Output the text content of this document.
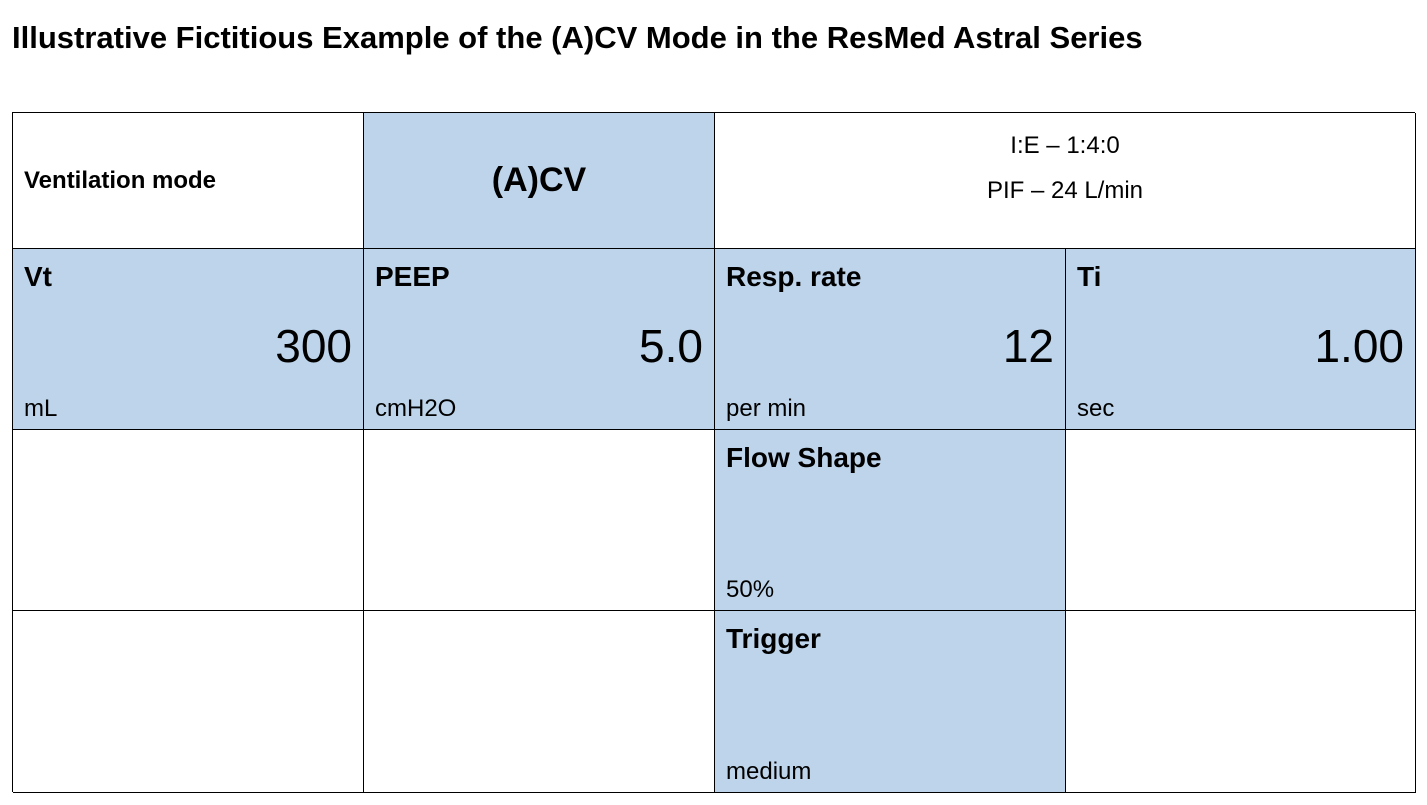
Illustrative Fictitious Example of the (A)CV Mode in the ResMed Astral Series
Ventilation mode	(A)CV
I:E – 1:4:0
PIF – 24 L/min
Vt
300
mL
PEEP
5.0
cmH2O
Resp. rate
12
per min
Ti
1.00
sec
Flow Shape
50%
Trigger
medium
